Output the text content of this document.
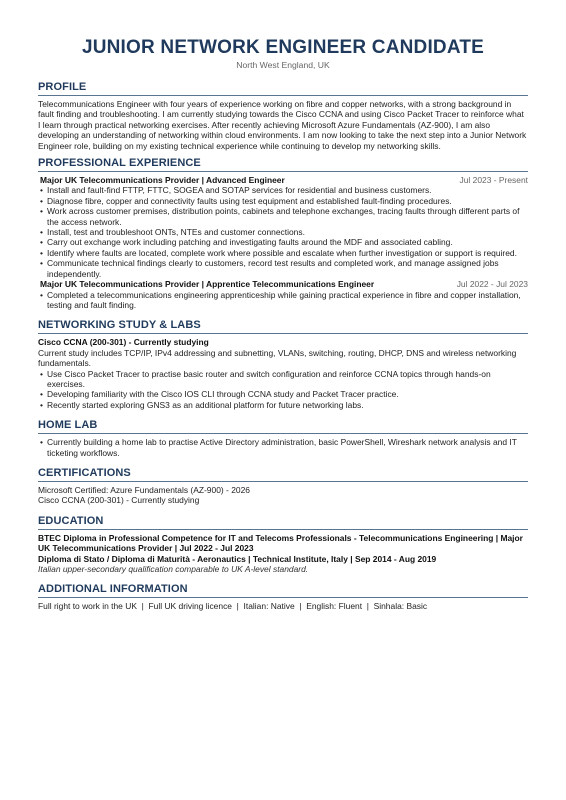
JUNIOR NETWORK ENGINEER CANDIDATE
North West England, UK
PROFILE
Telecommunications Engineer with four years of experience working on fibre and copper networks, with a strong background in fault finding and troubleshooting. I am currently studying towards the Cisco CCNA and using Cisco Packet Tracer to reinforce what I learn through practical networking exercises. After recently achieving Microsoft Azure Fundamentals (AZ-900), I am also developing an understanding of networking within cloud environments. I am now looking to take the next step into a Junior Network Engineer role, building on my existing technical experience while continuing to develop my networking skills.
PROFESSIONAL EXPERIENCE
Major UK Telecommunications Provider | Advanced Engineer	Jul 2023 - Present
• Install and fault-find FTTP, FTTC, SOGEA and SOTAP services for residential and business customers.
• Diagnose fibre, copper and connectivity faults using test equipment and established fault-finding procedures.
• Work across customer premises, distribution points, cabinets and telephone exchanges, tracing faults through different parts of the access network.
• Install, test and troubleshoot ONTs, NTEs and customer connections.
• Carry out exchange work including patching and investigating faults around the MDF and associated cabling.
• Identify where faults are located, complete work where possible and escalate when further investigation or support is required.
• Communicate technical findings clearly to customers, record test results and completed work, and manage assigned jobs independently.
Major UK Telecommunications Provider | Apprentice Telecommunications Engineer	Jul 2022 - Jul 2023
• Completed a telecommunications engineering apprenticeship while gaining practical experience in fibre and copper installation, testing and fault finding.
NETWORKING STUDY & LABS
Cisco CCNA (200-301) - Currently studying
Current study includes TCP/IP, IPv4 addressing and subnetting, VLANs, switching, routing, DHCP, DNS and wireless networking fundamentals.
• Use Cisco Packet Tracer to practise basic router and switch configuration and reinforce CCNA topics through hands-on exercises.
• Developing familiarity with the Cisco IOS CLI through CCNA study and Packet Tracer practice.
• Recently started exploring GNS3 as an additional platform for future networking labs.
HOME LAB
• Currently building a home lab to practise Active Directory administration, basic PowerShell, Wireshark network analysis and IT ticketing workflows.
CERTIFICATIONS
Microsoft Certified: Azure Fundamentals (AZ-900) - 2026
Cisco CCNA (200-301) - Currently studying
EDUCATION
BTEC Diploma in Professional Competence for IT and Telecoms Professionals - Telecommunications Engineering | Major UK Telecommunications Provider | Jul 2022 - Jul 2023
Diploma di Stato / Diploma di Maturità - Aeronautics | Technical Institute, Italy | Sep 2014 - Aug 2019
Italian upper-secondary qualification comparable to UK A-level standard.
ADDITIONAL INFORMATION
Full right to work in the UK  |  Full UK driving licence  |  Italian: Native  |  English: Fluent  |  Sinhala: Basic
